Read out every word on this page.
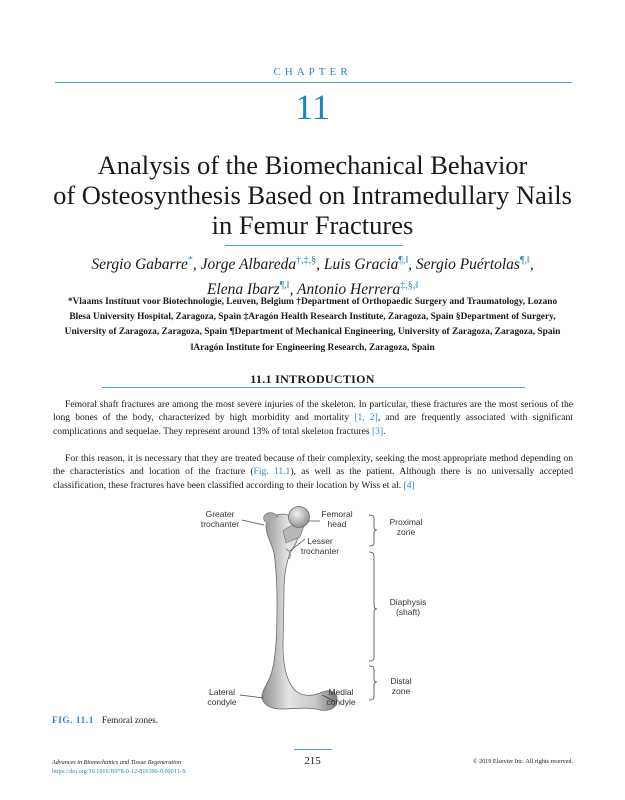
CHAPTER
11
Analysis of the Biomechanical Behavior
of Osteosynthesis Based on Intramedullary Nails
in Femur Fractures
Sergio Gabarre*, Jorge Albareda†,‡,§, Luis Gracia¶,‖, Sergio Puértolas¶,‖,
Elena Ibarz¶,‖, Antonio Herrera‡,§,‖
*Vlaams Instituut voor Biotechnologie, Leuven, Belgium †Department of Orthopaedic Surgery and Traumatology, Lozano
Blesa University Hospital, Zaragoza, Spain ‡Aragón Health Research Institute, Zaragoza, Spain §Department of Surgery,
University of Zaragoza, Zaragoza, Spain ¶Department of Mechanical Engineering, University of Zaragoza, Zaragoza, Spain
‖Aragón Institute for Engineering Research, Zaragoza, Spain
11.1 INTRODUCTION
Femoral shaft fractures are among the most severe injuries of the skeleton. In particular, these fractures are the most serious of the long bones of the body, characterized by high morbidity and mortality [1, 2], and are frequently associated with significant complications and sequelae. They represent around 13% of total skeleton fractures [3].
For this reason, it is necessary that they are treated because of their complexity, seeking the most appropriate method depending on the characteristics and location of the fracture (Fig. 11.1), as well as the patient. Although there is no universally accepted classification, these fractures have been classified according to their location by Wiss et al. [4]
Greater
trochanter
Femoral
head
Lesser
trochanter
Proximal
zone
Diaphysis
(shaft)
Distal
zone
Lateral
condyle
Medial
condyle
FIG. 11.1 Femoral zones.
215
Advances in Biomechanics and Tissue Regeneration
https://doi.org/10.1016/B978-0-12-816390-0.00011-X
© 2019 Elsevier Inc. All rights reserved.
